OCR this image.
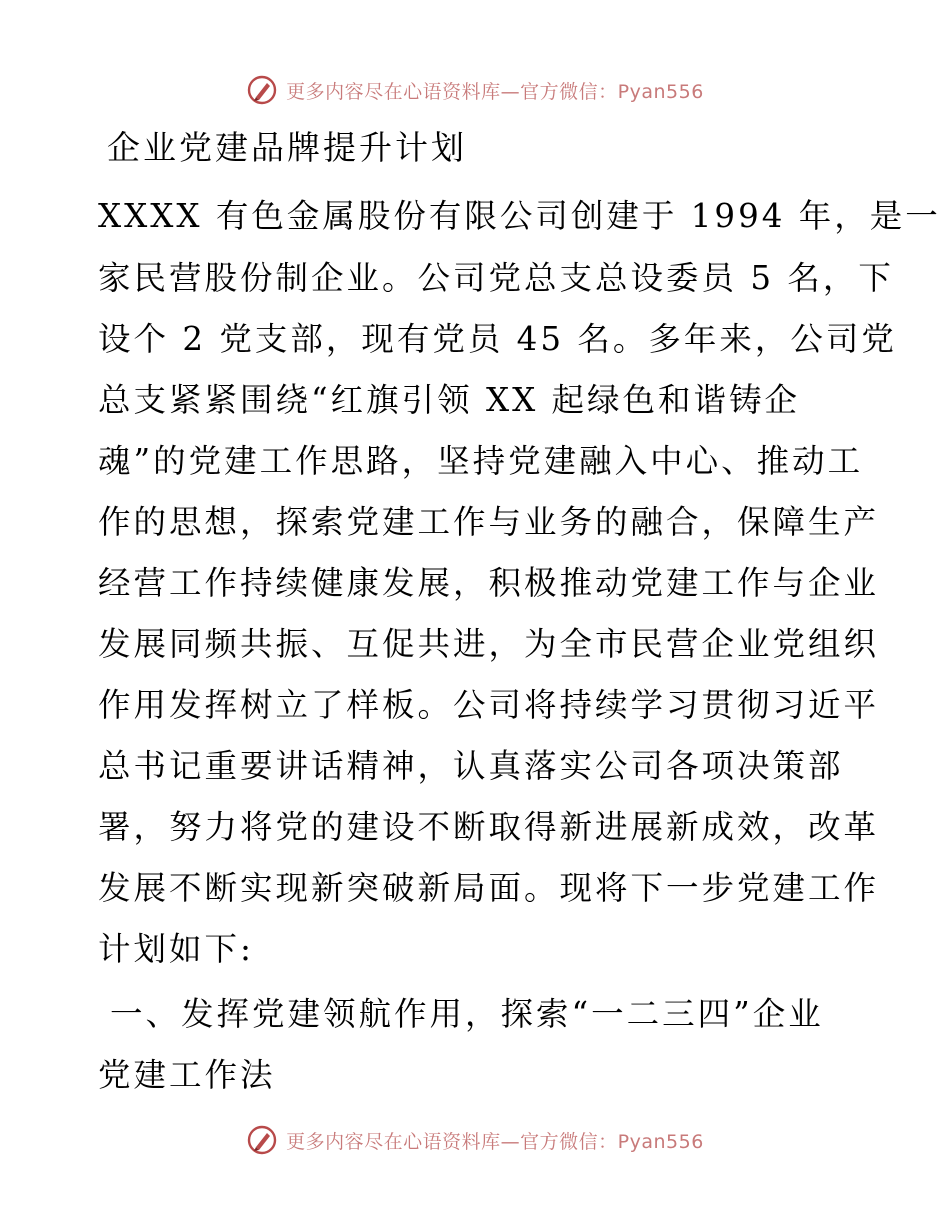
更多内容尽在心语资料库—官方微信：Pyan556
企业党建品牌提升计划
XXXX 有色金属股份有限公司创建于 1994 年，是一
家民营股份制企业。公司党总支总设委员 5 名，下
设个 2 党支部，现有党员 45 名。多年来，公司党
总支紧紧围绕“红旗引领 XX 起绿色和谐铸企
魂”的党建工作思路，坚持党建融入中心、推动工
作的思想，探索党建工作与业务的融合，保障生产
经营工作持续健康发展，积极推动党建工作与企业
发展同频共振、互促共进，为全市民营企业党组织
作用发挥树立了样板。公司将持续学习贯彻习近平
总书记重要讲话精神，认真落实公司各项决策部
署，努力将党的建设不断取得新进展新成效，改革
发展不断实现新突破新局面。现将下一步党建工作
计划如下:
一、发挥党建领航作用，探索“一二三四”企业
党建工作法
更多内容尽在心语资料库—官方微信：Pyan556
